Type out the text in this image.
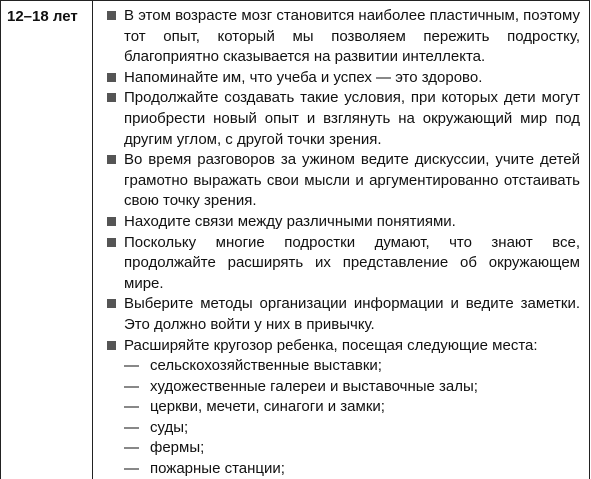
12–18 лет	В этом возрасте мозг становится наиболее пластичным, поэтому тот опыт, который мы позволяем пережить подростку, благоприятно сказывается на развитии интеллекта.
Напоминайте им, что учеба и успех — это здорово.
Продолжайте создавать такие условия, при которых дети могут приобрести новый опыт и взглянуть на окружающий мир под другим углом, с другой точки зрения.
Во время разговоров за ужином ведите дискуссии, учите детей грамотно выражать свои мысли и аргументированно отстаивать свою точку зрения.
Находите связи между различными понятиями.
Поскольку многие подростки думают, что знают все, продолжайте расширять их представление об окружающем мире.
Выберите методы организации информации и ведите заметки. Это должно войти у них в привычку.
Расширяйте кругозор ребенка, посещая следующие места:
— сельскохозяйственные выставки;
— художественные галереи и выставочные залы;
— церкви, мечети, синагоги и замки;
— суды;
— фермы;
— пожарные станции;
